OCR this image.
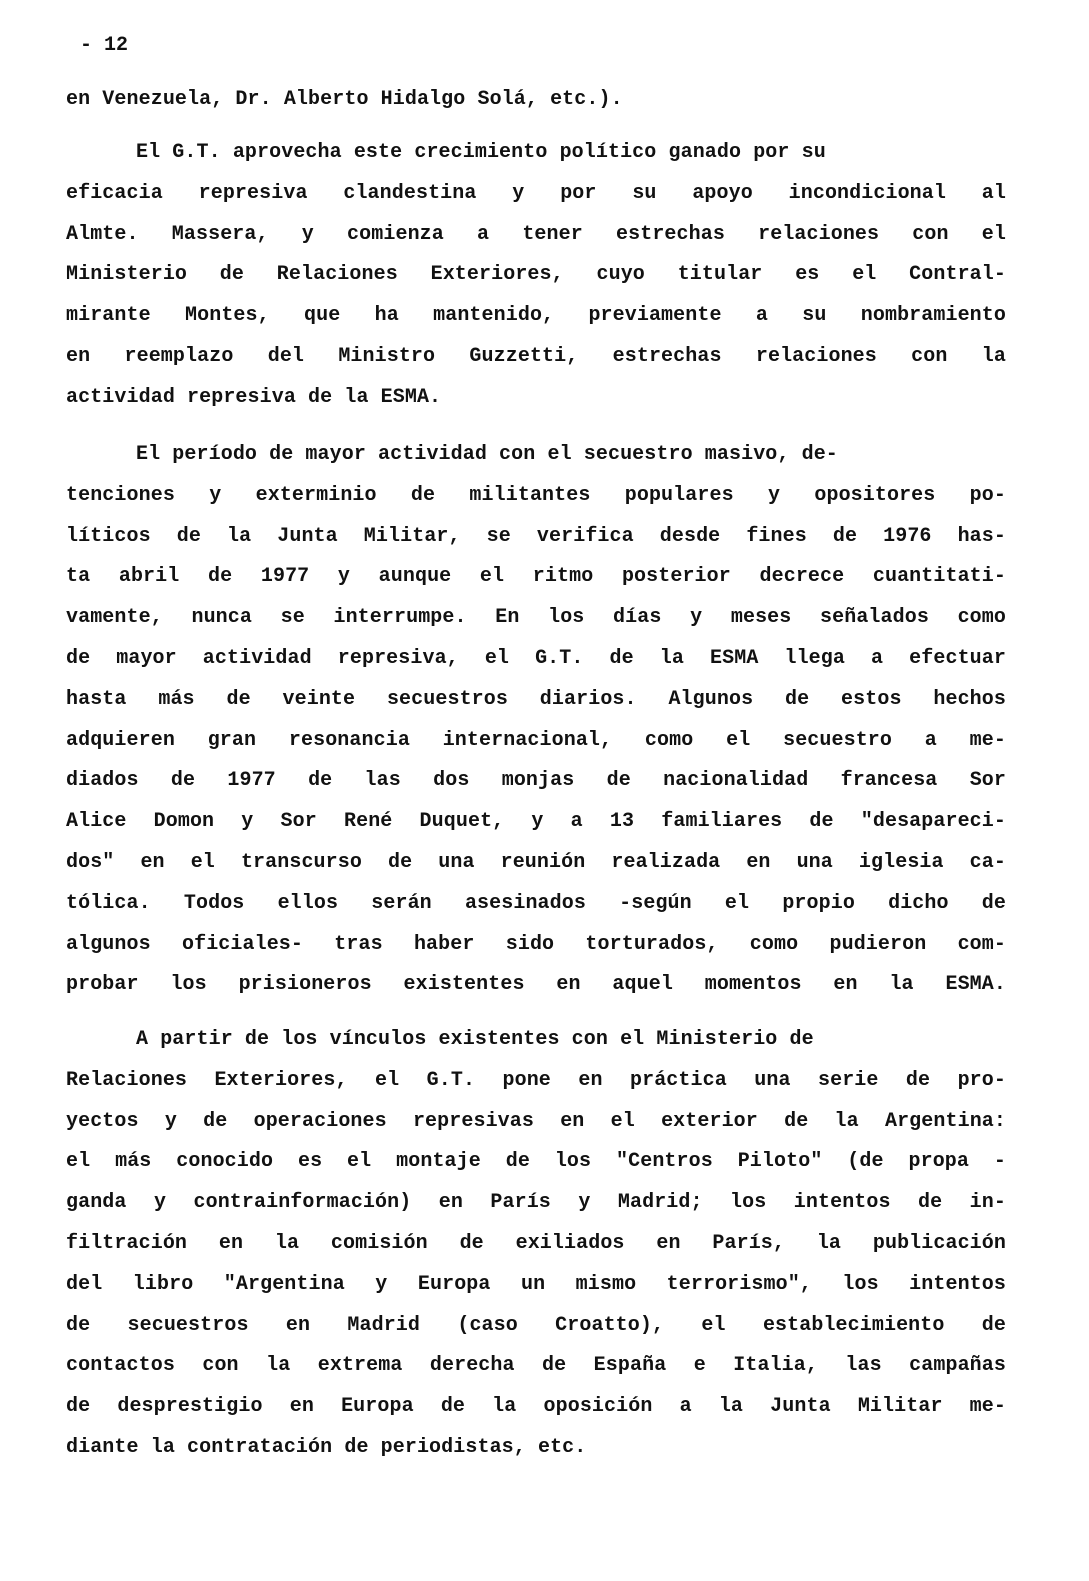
- 12
en Venezuela, Dr. Alberto Hidalgo Solá, etc.).
El G.T. aprovecha este crecimiento político ganado por su
eficacia represiva clandestina y por su apoyo incondicional al
Almte. Massera, y comienza a tener estrechas relaciones con el
Ministerio de Relaciones Exteriores, cuyo titular es el Contral-
mirante Montes, que ha mantenido, previamente a su nombramiento
en reemplazo del Ministro Guzzetti, estrechas relaciones con la
actividad represiva de la ESMA.
El período de mayor actividad con el secuestro masivo, de-
tenciones y exterminio de militantes populares y opositores po-
líticos de la Junta Militar, se verifica desde fines de 1976 has-
ta abril de 1977 y aunque el ritmo posterior decrece cuantitati-
vamente, nunca se interrumpe. En los días y meses señalados como
de mayor actividad represiva, el G.T. de la ESMA llega a efectuar
hasta más de veinte secuestros diarios. Algunos de estos hechos
adquieren gran resonancia internacional, como el secuestro a me-
diados de 1977 de las dos monjas de nacionalidad francesa Sor
Alice Domon y Sor René Duquet, y a 13 familiares de "desapareci-
dos" en el transcurso de una reunión realizada en una iglesia ca-
tólica. Todos ellos serán asesinados -según el propio dicho de
algunos oficiales- tras haber sido torturados, como pudieron com-
probar los prisioneros existentes en aquel momentos en la ESMA.
A partir de los vínculos existentes con el Ministerio de
Relaciones Exteriores, el G.T. pone en práctica una serie de pro-
yectos y de operaciones represivas en el exterior de la Argentina:
el más conocido es el montaje de los "Centros Piloto" (de propa -
ganda y contrainformación) en París y Madrid; los intentos de in-
filtración en la comisión de exiliados en París, la publicación
del libro "Argentina y Europa un mismo terrorismo", los intentos
de secuestros en Madrid (caso Croatto), el establecimiento de
contactos con la extrema derecha de España e Italia, las campañas
de desprestigio en Europa de la oposición a la Junta Militar me-
diante la contratación de periodistas, etc.
